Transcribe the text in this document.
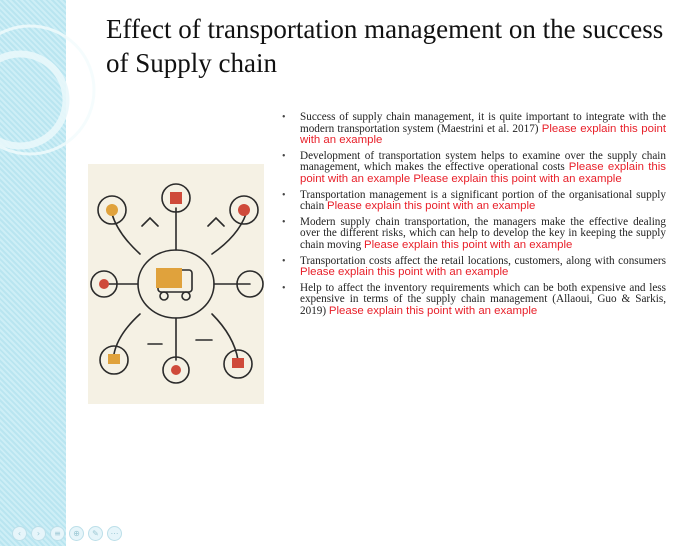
Effect of transportation management on the success of Supply chain
• Success of supply chain management, it is quite important to integrate with the modern transportation system (Maestrini et al. 2017) Please explain this point with an example
• Development of transportation system helps to examine over the supply chain management, which makes the effective operational costs Please explain this point with an example Please explain this point with an example
• Transportation management is a significant portion of the organisational supply chain Please explain this point with an example
• Modern supply chain transportation, the managers make the effective dealing over the different risks, which can help to develop the key in keeping the supply chain moving Please explain this point with an example
• Transportation costs affect the retail locations, customers, along with consumers Please explain this point with an example
• Help to affect the inventory requirements which can be both expensive and less expensive in terms of the supply chain management (Allaoui, Guo & Sarkis, 2019) Please explain this point with an example
‹	›	≡	⊕	✎	⋯
